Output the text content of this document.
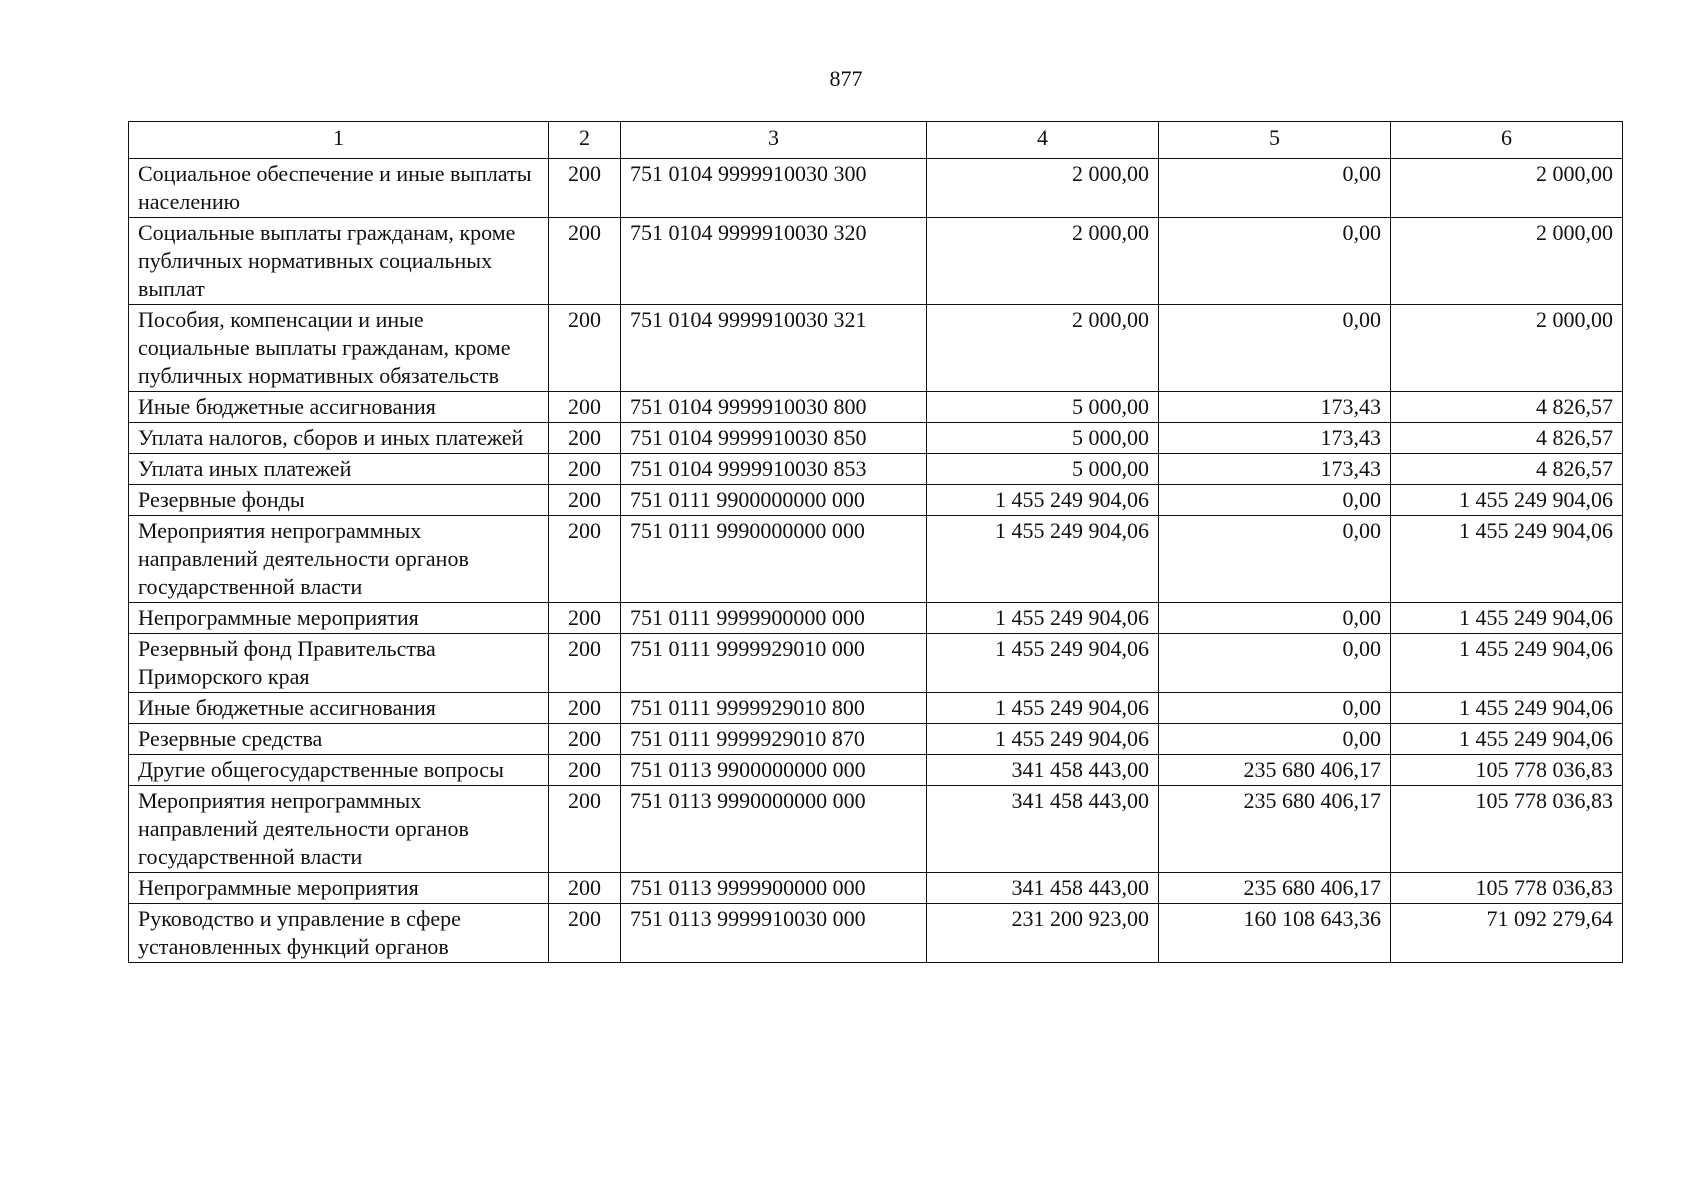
877
1	2	3	4	5	6
Социальное обеспечение и иные выплаты населению	200	751 0104 9999910030 300	2 000,00	0,00	2 000,00
Социальные выплаты гражданам, кроме публичных нормативных социальных выплат	200	751 0104 9999910030 320	2 000,00	0,00	2 000,00
Пособия, компенсации и иные социальные выплаты гражданам, кроме публичных нормативных обязательств	200	751 0104 9999910030 321	2 000,00	0,00	2 000,00
Иные бюджетные ассигнования	200	751 0104 9999910030 800	5 000,00	173,43	4 826,57
Уплата налогов, сборов и иных платежей	200	751 0104 9999910030 850	5 000,00	173,43	4 826,57
Уплата иных платежей	200	751 0104 9999910030 853	5 000,00	173,43	4 826,57
Резервные фонды	200	751 0111 9900000000 000	1 455 249 904,06	0,00	1 455 249 904,06
Мероприятия непрограммных направлений деятельности органов государственной власти	200	751 0111 9990000000 000	1 455 249 904,06	0,00	1 455 249 904,06
Непрограммные мероприятия	200	751 0111 9999900000 000	1 455 249 904,06	0,00	1 455 249 904,06
Резервный фонд Правительства Приморского края	200	751 0111 9999929010 000	1 455 249 904,06	0,00	1 455 249 904,06
Иные бюджетные ассигнования	200	751 0111 9999929010 800	1 455 249 904,06	0,00	1 455 249 904,06
Резервные средства	200	751 0111 9999929010 870	1 455 249 904,06	0,00	1 455 249 904,06
Другие общегосударственные вопросы	200	751 0113 9900000000 000	341 458 443,00	235 680 406,17	105 778 036,83
Мероприятия непрограммных направлений деятельности органов государственной власти	200	751 0113 9990000000 000	341 458 443,00	235 680 406,17	105 778 036,83
Непрограммные мероприятия	200	751 0113 9999900000 000	341 458 443,00	235 680 406,17	105 778 036,83
Руководство и управление в сфере установленных функций органов	200	751 0113 9999910030 000	231 200 923,00	160 108 643,36	71 092 279,64
